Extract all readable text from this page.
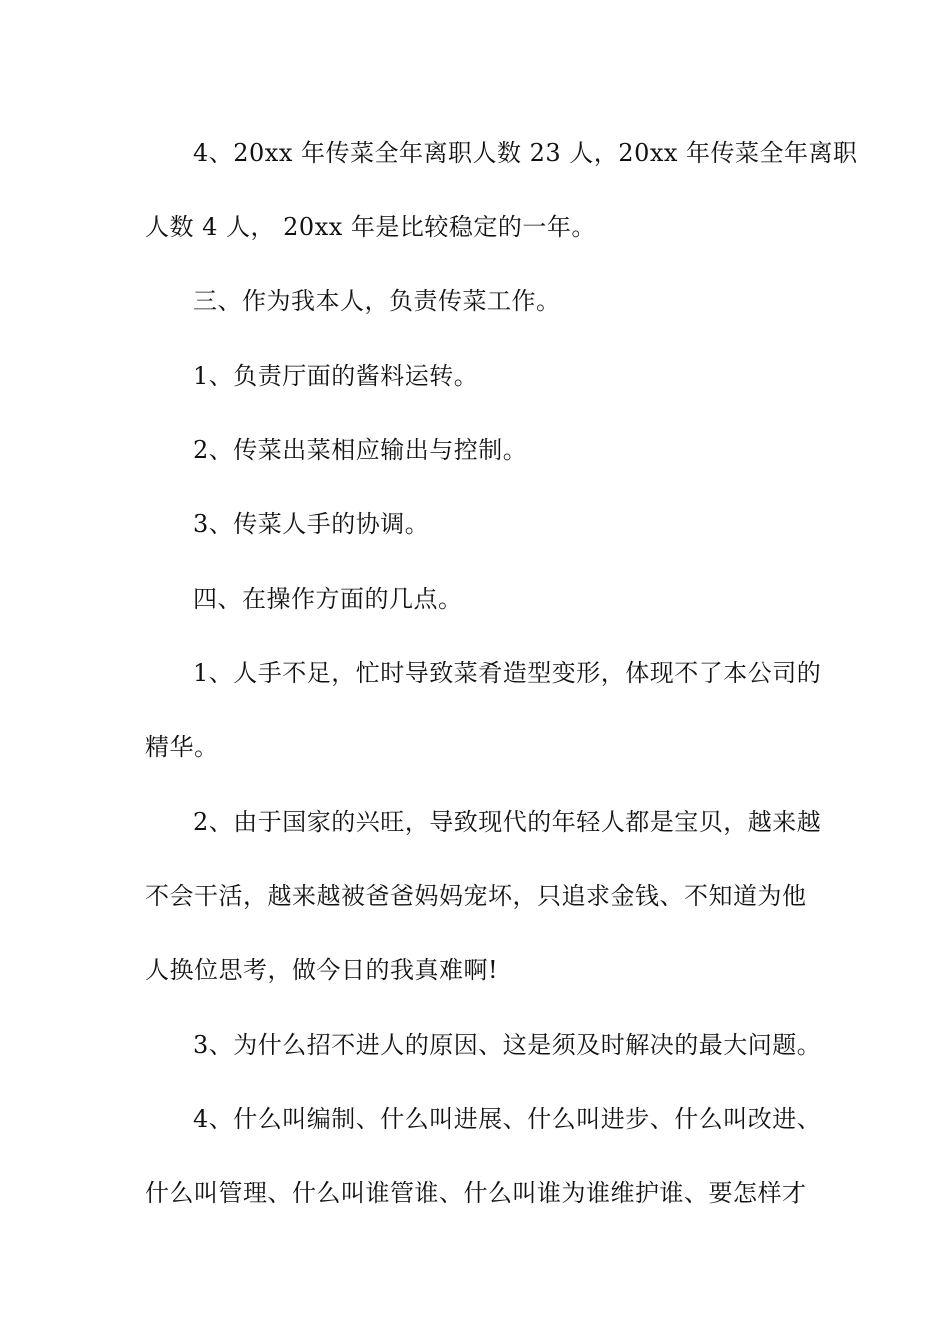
4、20xx 年传菜全年离职人数 23 人，20xx 年传菜全年离职
人数 4 人， 20xx 年是比较稳定的一年。
三、作为我本人，负责传菜工作。
1、负责厅面的酱料运转。
2、传菜出菜相应输出与控制。
3、传菜人手的协调。
四、在操作方面的几点。
1、人手不足，忙时导致菜肴造型变形，体现不了本公司的
精华。
2、由于国家的兴旺，导致现代的年轻人都是宝贝，越来越
不会干活，越来越被爸爸妈妈宠坏，只追求金钱、不知道为他
人换位思考，做今日的我真难啊!
3、为什么招不进人的原因、这是须及时解决的最大问题。
4、什么叫编制、什么叫进展、什么叫进步、什么叫改进、
什么叫管理、什么叫谁管谁、什么叫谁为谁维护谁、要怎样才
